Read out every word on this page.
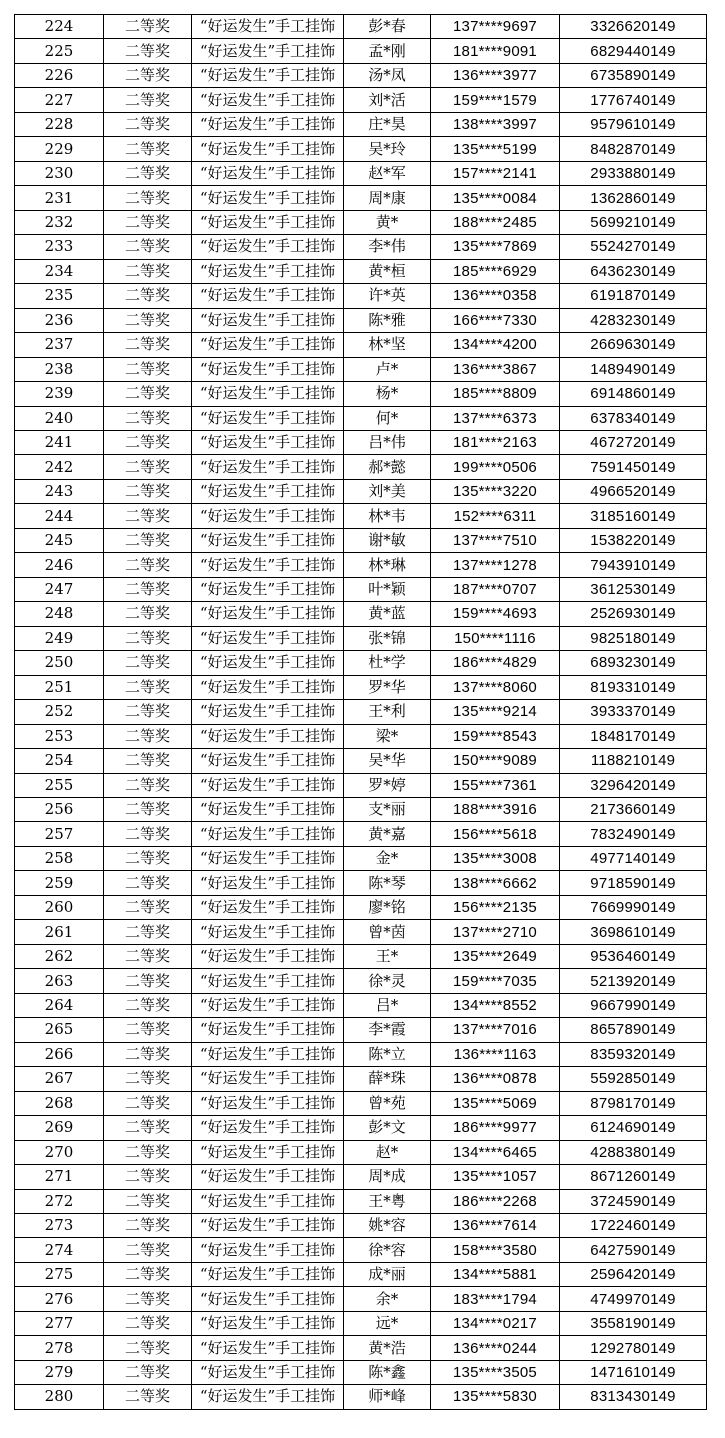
224	二等奖	“好运发生”手工挂饰	彭*春	137****9697	3326620149
225	二等奖	“好运发生”手工挂饰	孟*刚	181****9091	6829440149
226	二等奖	“好运发生”手工挂饰	汤*凤	136****3977	6735890149
227	二等奖	“好运发生”手工挂饰	刘*活	159****1579	1776740149
228	二等奖	“好运发生”手工挂饰	庄*昊	138****3997	9579610149
229	二等奖	“好运发生”手工挂饰	吴*玲	135****5199	8482870149
230	二等奖	“好运发生”手工挂饰	赵*军	157****2141	2933880149
231	二等奖	“好运发生”手工挂饰	周*康	135****0084	1362860149
232	二等奖	“好运发生”手工挂饰	黄*	188****2485	5699210149
233	二等奖	“好运发生”手工挂饰	李*伟	135****7869	5524270149
234	二等奖	“好运发生”手工挂饰	黄*桓	185****6929	6436230149
235	二等奖	“好运发生”手工挂饰	许*英	136****0358	6191870149
236	二等奖	“好运发生”手工挂饰	陈*雅	166****7330	4283230149
237	二等奖	“好运发生”手工挂饰	林*坚	134****4200	2669630149
238	二等奖	“好运发生”手工挂饰	卢*	136****3867	1489490149
239	二等奖	“好运发生”手工挂饰	杨*	185****8809	6914860149
240	二等奖	“好运发生”手工挂饰	何*	137****6373	6378340149
241	二等奖	“好运发生”手工挂饰	吕*伟	181****2163	4672720149
242	二等奖	“好运发生”手工挂饰	郝*懿	199****0506	7591450149
243	二等奖	“好运发生”手工挂饰	刘*美	135****3220	4966520149
244	二等奖	“好运发生”手工挂饰	林*韦	152****6311	3185160149
245	二等奖	“好运发生”手工挂饰	谢*敏	137****7510	1538220149
246	二等奖	“好运发生”手工挂饰	林*琳	137****1278	7943910149
247	二等奖	“好运发生”手工挂饰	叶*颖	187****0707	3612530149
248	二等奖	“好运发生”手工挂饰	黄*蓝	159****4693	2526930149
249	二等奖	“好运发生”手工挂饰	张*锦	150****1116	9825180149
250	二等奖	“好运发生”手工挂饰	杜*学	186****4829	6893230149
251	二等奖	“好运发生”手工挂饰	罗*华	137****8060	8193310149
252	二等奖	“好运发生”手工挂饰	王*利	135****9214	3933370149
253	二等奖	“好运发生”手工挂饰	梁*	159****8543	1848170149
254	二等奖	“好运发生”手工挂饰	吴*华	150****9089	1188210149
255	二等奖	“好运发生”手工挂饰	罗*婷	155****7361	3296420149
256	二等奖	“好运发生”手工挂饰	支*丽	188****3916	2173660149
257	二等奖	“好运发生”手工挂饰	黄*嘉	156****5618	7832490149
258	二等奖	“好运发生”手工挂饰	金*	135****3008	4977140149
259	二等奖	“好运发生”手工挂饰	陈*琴	138****6662	9718590149
260	二等奖	“好运发生”手工挂饰	廖*铭	156****2135	7669990149
261	二等奖	“好运发生”手工挂饰	曾*茵	137****2710	3698610149
262	二等奖	“好运发生”手工挂饰	王*	135****2649	9536460149
263	二等奖	“好运发生”手工挂饰	徐*灵	159****7035	5213920149
264	二等奖	“好运发生”手工挂饰	吕*	134****8552	9667990149
265	二等奖	“好运发生”手工挂饰	李*霞	137****7016	8657890149
266	二等奖	“好运发生”手工挂饰	陈*立	136****1163	8359320149
267	二等奖	“好运发生”手工挂饰	薛*珠	136****0878	5592850149
268	二等奖	“好运发生”手工挂饰	曾*苑	135****5069	8798170149
269	二等奖	“好运发生”手工挂饰	彭*文	186****9977	6124690149
270	二等奖	“好运发生”手工挂饰	赵*	134****6465	4288380149
271	二等奖	“好运发生”手工挂饰	周*成	135****1057	8671260149
272	二等奖	“好运发生”手工挂饰	王*粤	186****2268	3724590149
273	二等奖	“好运发生”手工挂饰	姚*容	136****7614	1722460149
274	二等奖	“好运发生”手工挂饰	徐*容	158****3580	6427590149
275	二等奖	“好运发生”手工挂饰	成*丽	134****5881	2596420149
276	二等奖	“好运发生”手工挂饰	余*	183****1794	4749970149
277	二等奖	“好运发生”手工挂饰	远*	134****0217	3558190149
278	二等奖	“好运发生”手工挂饰	黄*浩	136****0244	1292780149
279	二等奖	“好运发生”手工挂饰	陈*鑫	135****3505	1471610149
280	二等奖	“好运发生”手工挂饰	师*峰	135****5830	8313430149
